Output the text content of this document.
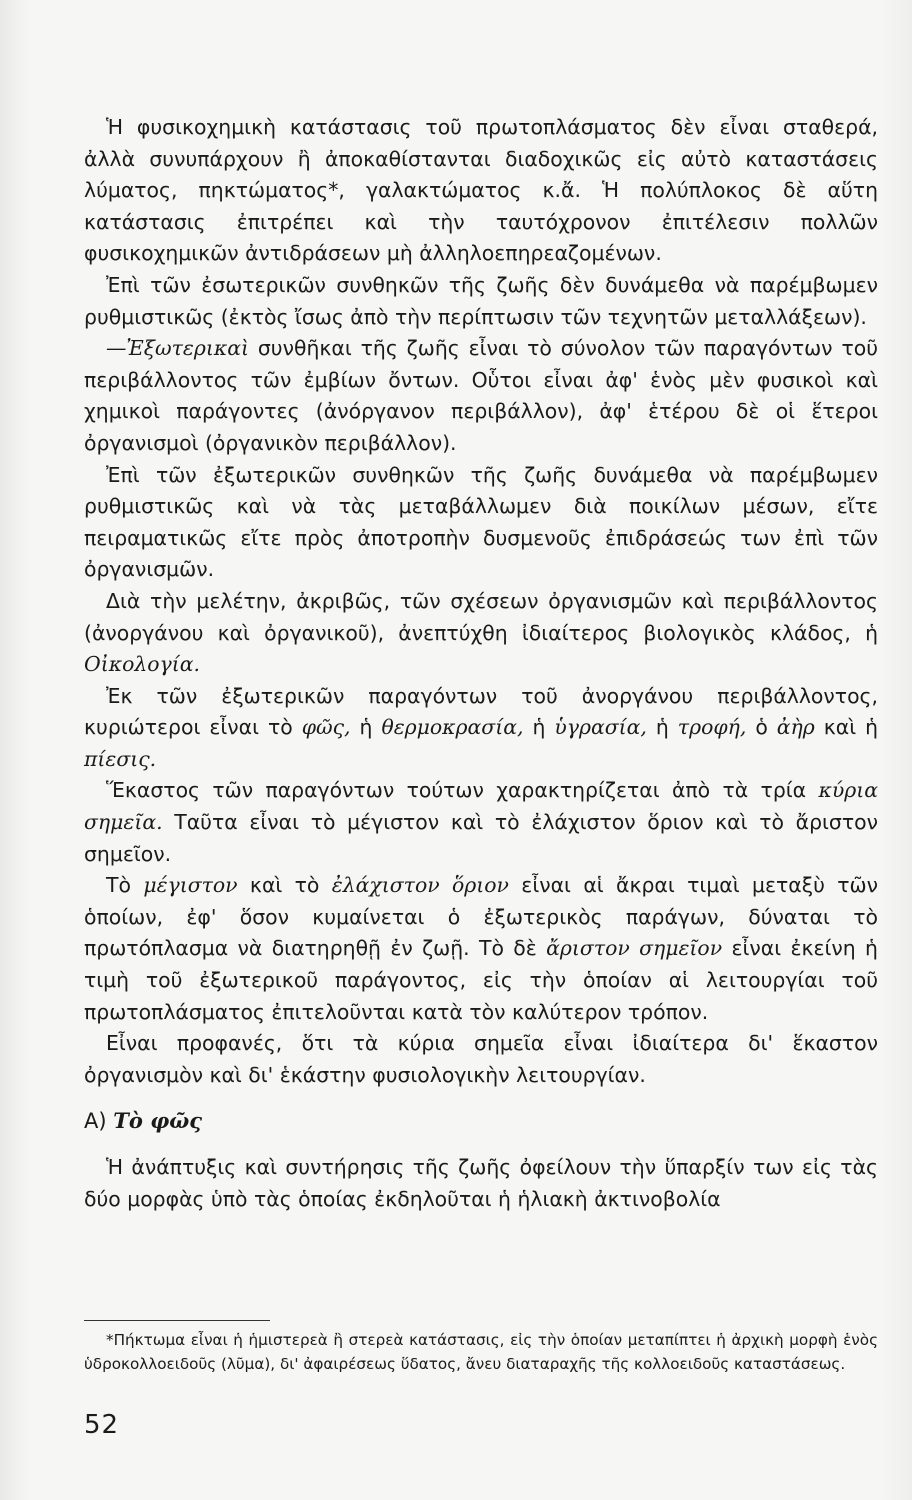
Ἡ φυσικοχημικὴ κατάστασις τοῦ πρωτοπλάσματος δὲν εἶναι σταθερά, ἀλλὰ συνυπάρχουν ἢ ἀποκαθίστανται διαδοχικῶς εἰς αὐτὸ καταστάσεις λύματος, πηκτώματος*, γαλακτώματος κ.ἄ. Ἡ πολύπλοκος δὲ αὕτη κατάστασις ἐπιτρέπει καὶ τὴν ταυτόχρονον ἐπιτέλεσιν πολλῶν φυσικοχημικῶν ἀντιδράσεων μὴ ἀλληλοεπηρεαζομένων.

Ἐπὶ τῶν ἐσωτερικῶν συνθηκῶν τῆς ζωῆς δὲν δυνάμεθα νὰ παρέμβωμεν ρυθμιστικῶς (ἐκτὸς ἴσως ἀπὸ τὴν περίπτωσιν τῶν τεχνητῶν μεταλλάξεων).

—Ἐξωτερικαὶ συνθῆκαι τῆς ζωῆς εἶναι τὸ σύνολον τῶν παραγόντων τοῦ περιβάλλοντος τῶν ἐμβίων ὄντων. Οὗτοι εἶναι ἀφ' ἑνὸς μὲν φυσικοὶ καὶ χημικοὶ παράγοντες (ἀνόργανον περιβάλλον), ἀφ' ἑτέρου δὲ οἱ ἕτεροι ὀργανισμοὶ (ὀργανικὸν περιβάλλον).

Ἐπὶ τῶν ἐξωτερικῶν συνθηκῶν τῆς ζωῆς δυνάμεθα νὰ παρέμβωμεν ρυθμιστικῶς καὶ νὰ τὰς μεταβάλλωμεν διὰ ποικίλων μέσων, εἴτε πειραματικῶς εἴτε πρὸς ἀποτροπὴν δυσμενοῦς ἐπιδράσεώς των ἐπὶ τῶν ὀργανισμῶν.

Διὰ τὴν μελέτην, ἀκριβῶς, τῶν σχέσεων ὀργανισμῶν καὶ περιβάλλοντος (ἀνοργάνου καὶ ὀργανικοῦ), ἀνεπτύχθη ἰδιαίτερος βιολογικὸς κλάδος, ἡ Οἰκολογία.

Ἐκ τῶν ἐξωτερικῶν παραγόντων τοῦ ἀνοργάνου περιβάλλοντος, κυριώτεροι εἶναι τὸ φῶς, ἡ θερμοκρασία, ἡ ὑγρασία, ἡ τροφή, ὁ ἀὴρ καὶ ἡ πίεσις.

Ἕκαστος τῶν παραγόντων τούτων χαρακτηρίζεται ἀπὸ τὰ τρία κύρια σημεῖα. Ταῦτα εἶναι τὸ μέγιστον καὶ τὸ ἐλάχιστον ὅριον καὶ τὸ ἄριστον σημεῖον.

Τὸ μέγιστον καὶ τὸ ἐλάχιστον ὅριον εἶναι αἱ ἄκραι τιμαὶ μεταξὺ τῶν ὁποίων, ἐφ' ὅσον κυμαίνεται ὁ ἐξωτερικὸς παράγων, δύναται τὸ πρωτόπλασμα νὰ διατηρηθῇ ἐν ζωῇ. Τὸ δὲ ἄριστον σημεῖον εἶναι ἐκείνη ἡ τιμὴ τοῦ ἐξωτερικοῦ παράγοντος, εἰς τὴν ὁποίαν αἱ λειτουργίαι τοῦ πρωτοπλάσματος ἐπιτελοῦνται κατὰ τὸν καλύτερον τρόπον.

Εἶναι προφανές, ὅτι τὰ κύρια σημεῖα εἶναι ἰδιαίτερα δι' ἕκαστον ὀργανισμὸν καὶ δι' ἑκάστην φυσιολογικὴν λειτουργίαν.

A) Τὸ φῶς

Ἡ ἀνάπτυξις καὶ συντήρησις τῆς ζωῆς ὀφείλουν τὴν ὕπαρξίν των εἰς τὰς δύο μορφὰς ὑπὸ τὰς ὁποίας ἐκδηλοῦται ἡ ἡλιακὴ ἀκτινοβολία

*Πήκτωμα εἶναι ἡ ἡμιστερεὰ ἢ στερεὰ κατάστασις, εἰς τὴν ὁποίαν μεταπίπτει ἡ ἀρχικὴ μορφὴ ἑνὸς ὑδροκολλοειδοῦς (λῦμα), δι' ἀφαιρέσεως ὕδατος, ἄνευ διαταραχῆς τῆς κολλοειδοῦς καταστάσεως.

52
